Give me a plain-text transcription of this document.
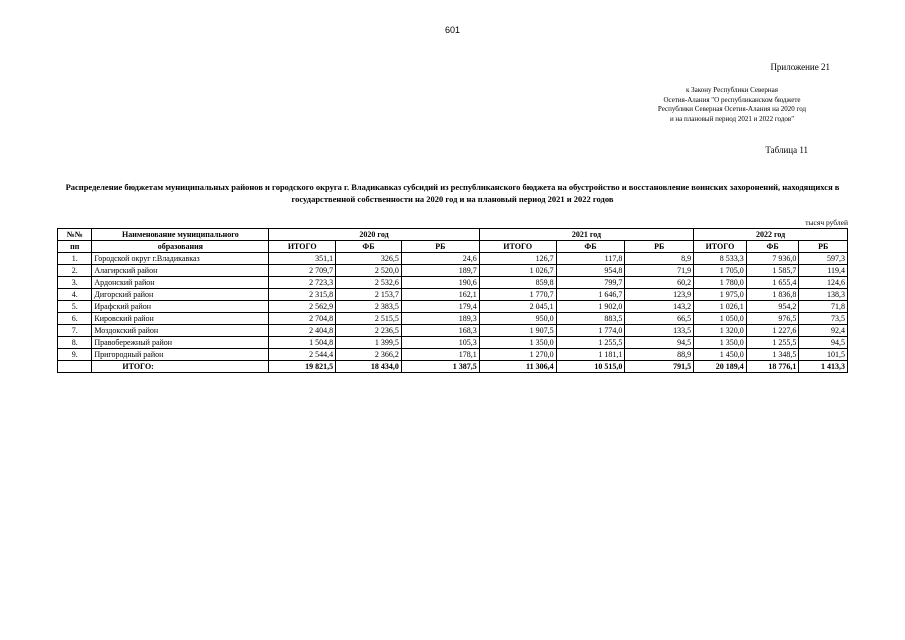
601
Приложение 21
к Закону Республики Северная
Осетия-Алания "О республиканском бюджете
Республики Северная Осетия-Алания на 2020 год
и на плановый период 2021 и 2022 годов"
Таблица 11
Распределение бюджетам муниципальных районов и городского округа г. Владикавказ субсидий из республиканского бюджета на обустройство и восстановление воинских захоронений, находящихся в государственной собственности на 2020 год и на плановый период 2021 и 2022 годов
тысяч рублей
№№	Наименование муниципального	2020 год			2021 год			2022 год		
пп	образования	ИТОГО	ФБ	РБ	ИТОГО	ФБ	РБ	ИТОГО	ФБ	РБ
1.	Городской округ г.Владикавказ	351,1	326,5	24,6	126,7	117,8	8,9	8 533,3	7 936,0	597,3
2.	Алагирский район	2 709,7	2 520,0	189,7	1 026,7	954,8	71,9	1 705,0	1 585,7	119,4
3.	Ардонский район	2 723,3	2 532,6	190,6	859,8	799,7	60,2	1 780,0	1 655,4	124,6
4.	Дигорский район	2 315,8	2 153,7	162,1	1 770,7	1 646,7	123,9	1 975,0	1 836,8	138,3
5.	Ирафский район	2 562,9	2 383,5	179,4	2 045,1	1 902,0	143,2	1 026,1	954,2	71,8
6.	Кировский район	2 704,8	2 515,5	189,3	950,0	883,5	66,5	1 050,0	976,5	73,5
7.	Моздокский район	2 404,8	2 236,5	168,3	1 907,5	1 774,0	133,5	1 320,0	1 227,6	92,4
8.	Правобережный район	1 504,8	1 399,5	105,3	1 350,0	1 255,5	94,5	1 350,0	1 255,5	94,5
9.	Пригородный район	2 544,4	2 366,2	178,1	1 270,0	1 181,1	88,9	1 450,0	1 348,5	101,5
	ИТОГО:	19 821,5	18 434,0	1 387,5	11 306,4	10 515,0	791,5	20 189,4	18 776,1	1 413,3
